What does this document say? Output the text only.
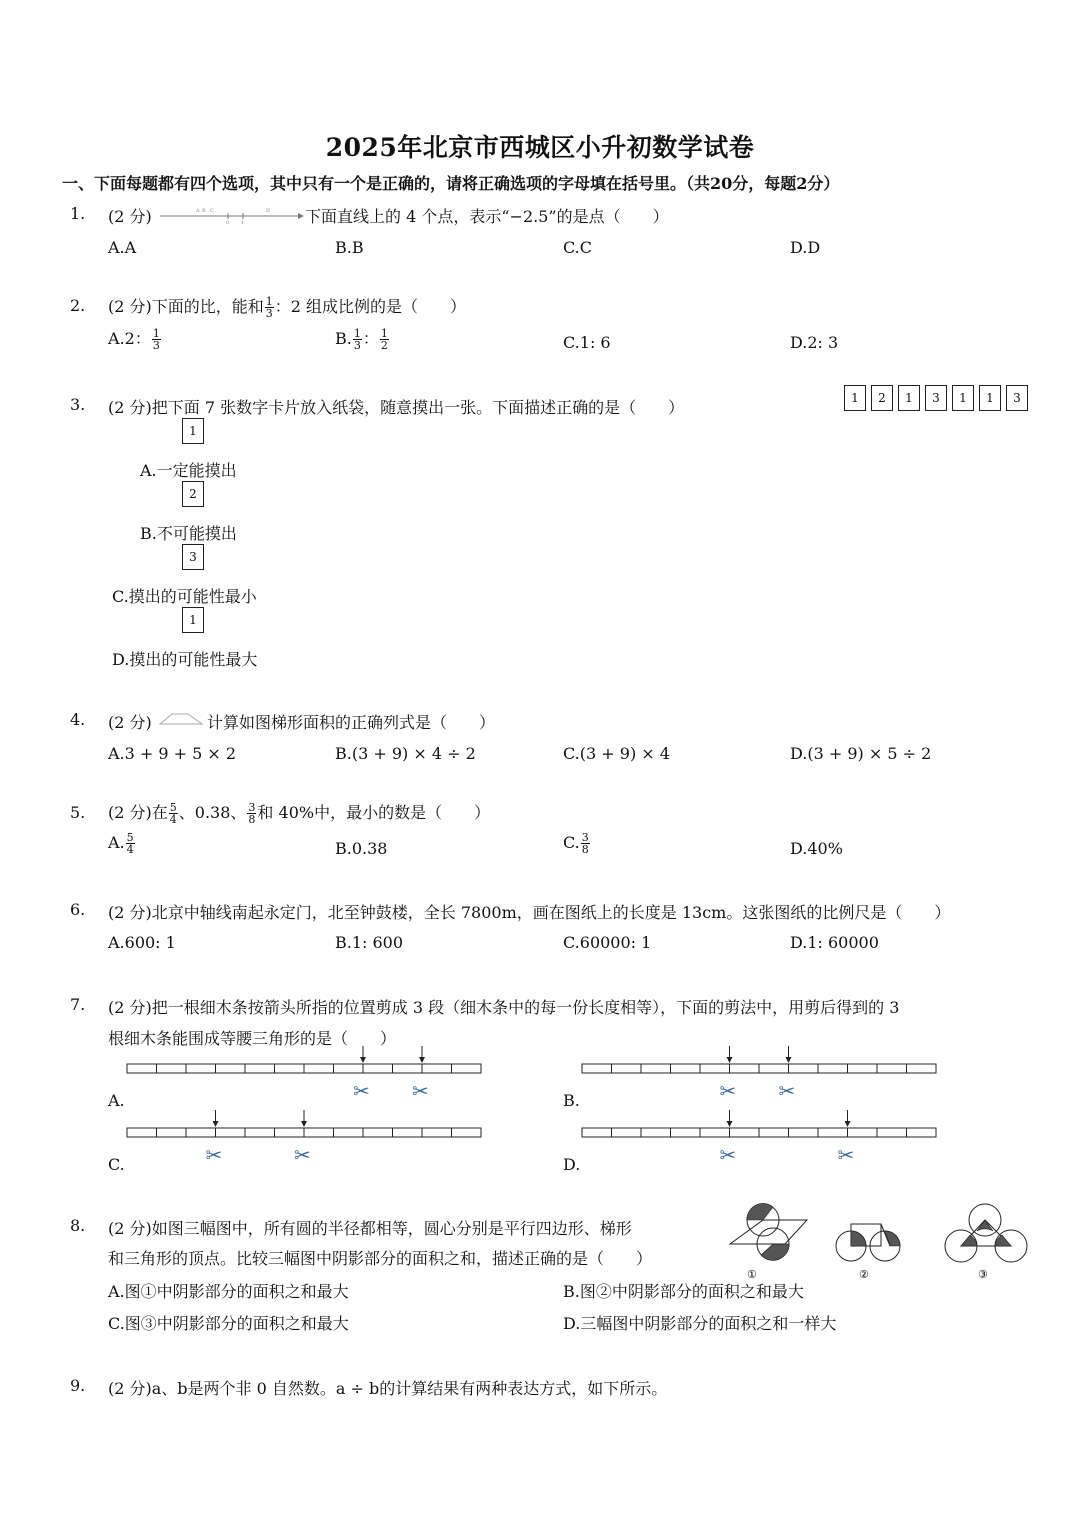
2025年北京市西城区小升初数学试卷
一、下面每题都有四个选项，其中只有一个是正确的，请将正确选项的字母填在括号里。（共20分，每题2分）
1. (2 分)	A B C	D
0 1	下面直线上的 4 个点，表示“−2.5”的是点（　　）
A.A	B.B	C.C	D.D
2. (2 分)下面的比，能和 $\frac{1}{3}$ ：2 组成比例的是（　　）
A.2： $\frac{1}{3}$	B. $\frac{1}{3}$ ： $\frac{1}{2}$	C.1: 6	D.2: 3
3. (2 分)把下面 7 张数字卡片放入纸袋，随意摸出一张。下面描述正确的是（　　）	1 2 1 3 1 1 3
1
A.一定能摸出
2
B.不可能摸出
3
C.摸出的可能性最小
1
D.摸出的可能性最大
4. (2 分)	计算如图梯形面积的正确列式是（　　）
A.3 + 9 + 5 × 2	B.(3 + 9) × 4 ÷ 2	C.(3 + 9) × 4	D.(3 + 9) × 5 ÷ 2
5. (2 分)在 $\frac{5}{4}$ 、0.38、 $\frac{3}{8}$ 和 40%中，最小的数是（　　）
A. $\frac{5}{4}$	B.0.38	C. $\frac{3}{8}$	D.40%
6. (2 分)北京中轴线南起永定门，北至钟鼓楼，全长 7800m，画在图纸上的长度是 13cm。这张图纸的比例尺是（　　）
A.600: 1	B.1: 600	C.60000: 1	D.1: 60000
7. (2 分)把一根细木条按箭头所指的位置剪成 3 段（细木条中的每一份长度相等），下面的剪法中，用剪后得到的 3
根细木条能围成等腰三角形的是（　　）
✂ ✂
A.	✂ ✂
B.
✂	✂
C.	✂	✂
D.
8. (2 分)如图三幅图中，所有圆的半径都相等，圆心分别是平行四边形、梯形
和三角形的顶点。比较三幅图中阴影部分的面积之和，描述正确的是（　　）
①	②	③
A.图①中阴影部分的面积之和最大	B.图②中阴影部分的面积之和最大
C.图③中阴影部分的面积之和最大	D.三幅图中阴影部分的面积之和一样大
9. (2 分)a、b是两个非 0 自然数。a ÷ b的计算结果有两种表达方式，如下所示。
